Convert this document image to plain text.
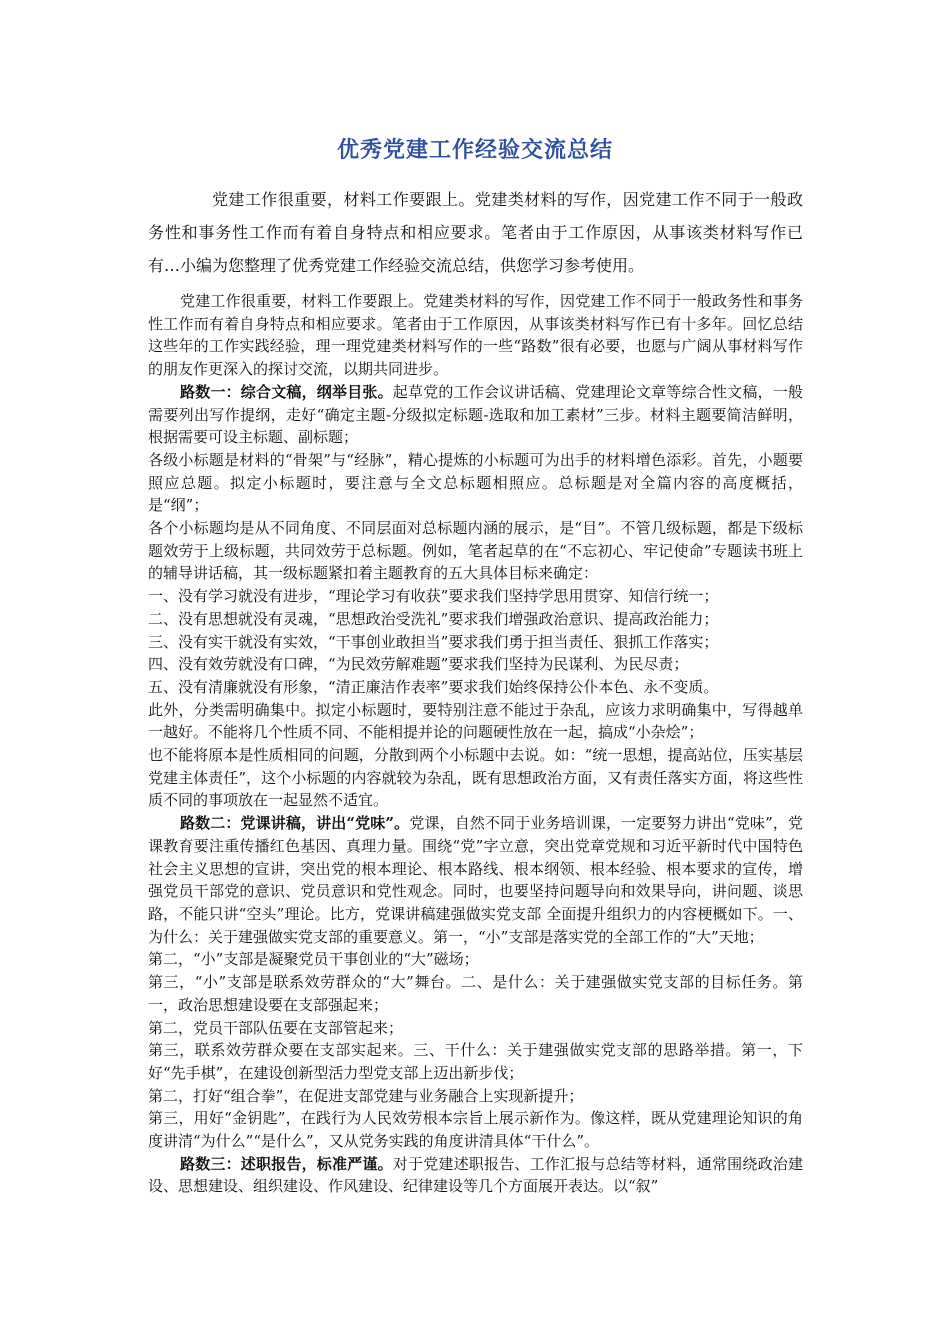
优秀党建工作经验交流总结

党建工作很重要，材料工作要跟上。党建类材料的写作，因党建工作不同于一般政务性和事务性工作而有着自身特点和相应要求。笔者由于工作原因，从事该类材料写作已有…小编为您整理了优秀党建工作经验交流总结，供您学习参考使用。

党建工作很重要，材料工作要跟上。党建类材料的写作，因党建工作不同于一般政务性和事务性工作而有着自身特点和相应要求。笔者由于工作原因，从事该类材料写作已有十多年。回忆总结这些年的工作实践经验，理一理党建类材料写作的一些“路数”很有必要，也愿与广阔从事材料写作的朋友作更深入的探讨交流，以期共同进步。

路数一：综合文稿，纲举目张。起草党的工作会议讲话稿、党建理论文章等综合性文稿，一般需要列出写作提纲，走好“确定主题-分级拟定标题-选取和加工素材”三步。材料主题要简洁鲜明，根据需要可设主标题、副标题；

各级小标题是材料的“骨架”与“经脉”，精心提炼的小标题可为出手的材料增色添彩。首先，小题要照应总题。拟定小标题时，要注意与全文总标题相照应。总标题是对全篇内容的高度概括，是“纲”；

各个小标题均是从不同角度、不同层面对总标题内涵的展示，是“目”。不管几级标题，都是下级标题效劳于上级标题，共同效劳于总标题。例如，笔者起草的在“不忘初心、牢记使命”专题读书班上的辅导讲话稿，其一级标题紧扣着主题教育的五大具体目标来确定：

一、没有学习就没有进步，“理论学习有收获”要求我们坚持学思用贯穿、知信行统一；

二、没有思想就没有灵魂，“思想政治受洗礼”要求我们增强政治意识、提高政治能力；

三、没有实干就没有实效，“干事创业敢担当”要求我们勇于担当责任、狠抓工作落实；

四、没有效劳就没有口碑，“为民效劳解难题”要求我们坚持为民谋利、为民尽责；

五、没有清廉就没有形象，“清正廉洁作表率”要求我们始终保持公仆本色、永不变质。

此外，分类需明确集中。拟定小标题时，要特别注意不能过于杂乱，应该力求明确集中，写得越单一越好。不能将几个性质不同、不能相提并论的问题硬性放在一起，搞成“小杂烩”；

也不能将原本是性质相同的问题，分散到两个小标题中去说。如：“统一思想，提高站位，压实基层党建主体责任”，这个小标题的内容就较为杂乱，既有思想政治方面，又有责任落实方面，将这些性质不同的事项放在一起显然不适宜。

路数二：党课讲稿，讲出“党味”。党课，自然不同于业务培训课，一定要努力讲出“党味”，党课教育要注重传播红色基因、真理力量。围绕“党”字立意，突出党章党规和习近平新时代中国特色社会主义思想的宣讲，突出党的根本理论、根本路线、根本纲领、根本经验、根本要求的宣传，增强党员干部党的意识、党员意识和党性观念。同时，也要坚持问题导向和效果导向，讲问题、谈思路，不能只讲“空头”理论。比方，党课讲稿建强做实党支部 全面提升组织力的内容梗概如下。一、为什么：关于建强做实党支部的重要意义。第一，“小”支部是落实党的全部工作的“大”天地；

第二，“小”支部是凝聚党员干事创业的“大”磁场；

第三，“小”支部是联系效劳群众的“大”舞台。二、是什么：关于建强做实党支部的目标任务。第一，政治思想建设要在支部强起来；

第二，党员干部队伍要在支部管起来；

第三，联系效劳群众要在支部实起来。三、干什么：关于建强做实党支部的思路举措。第一，下好“先手棋”，在建设创新型活力型党支部上迈出新步伐；

第二，打好“组合拳”，在促进支部党建与业务融合上实现新提升；

第三，用好“金钥匙”，在践行为人民效劳根本宗旨上展示新作为。像这样，既从党建理论知识的角度讲清“为什么”“是什么”，又从党务实践的角度讲清具体“干什么”。

路数三：述职报告，标准严谨。对于党建述职报告、工作汇报与总结等材料，通常围绕政治建设、思想建设、组织建设、作风建设、纪律建设等几个方面展开表达。以“叙”
